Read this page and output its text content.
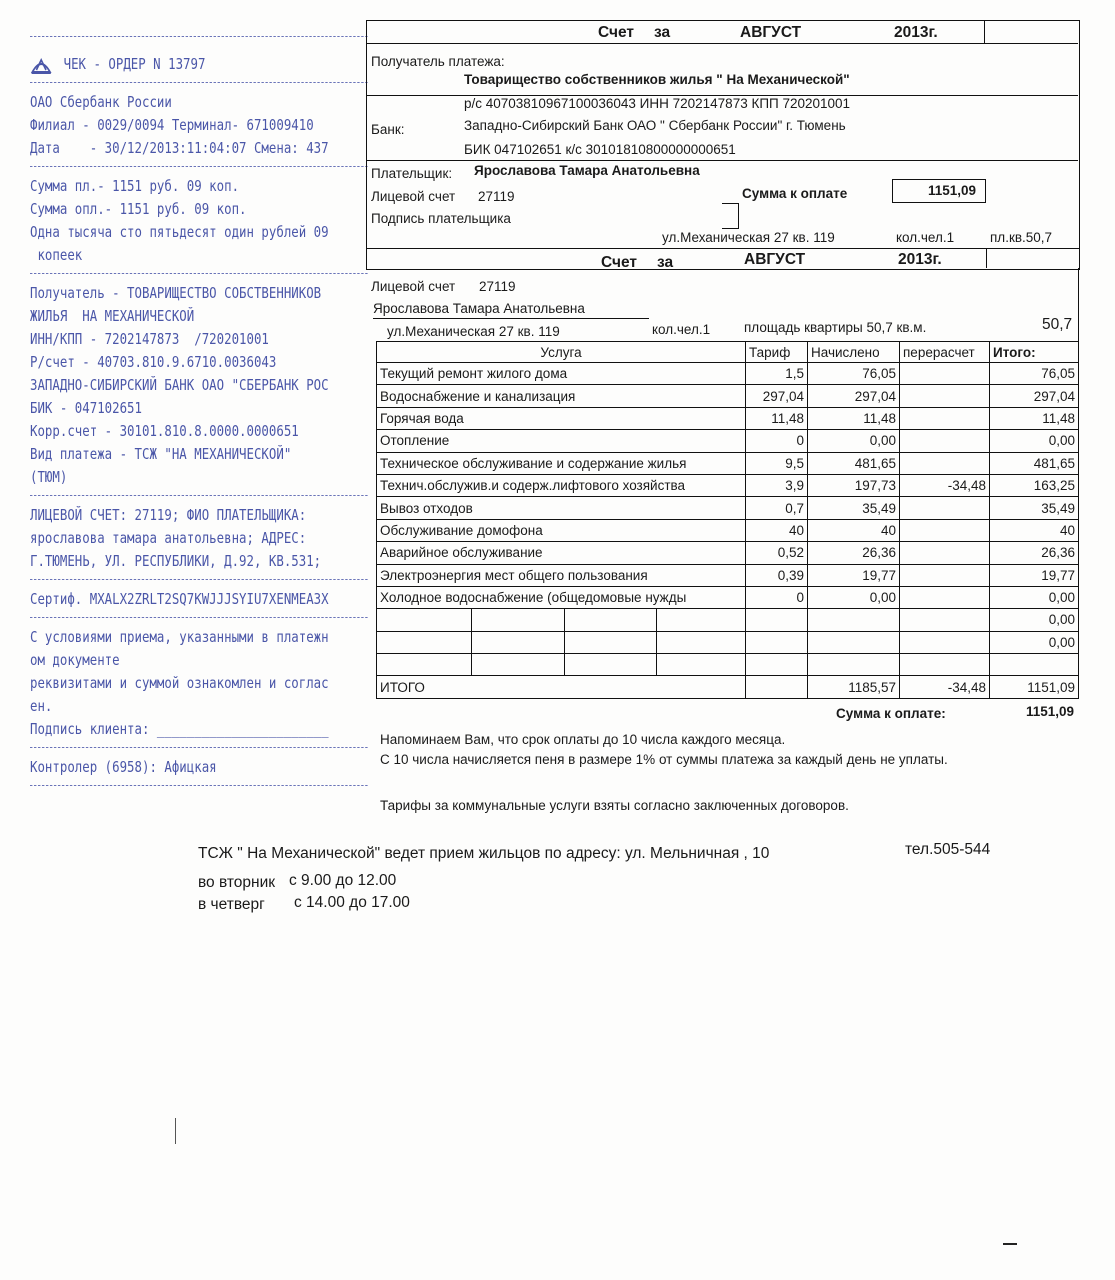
ЧЕК - ОРДЕР N 13797
ОАО Сбербанк России
Филиал - 0029/0094 Терминал- 671009410
Дата    - 30/12/2013:11:04:07 Смена: 437
Сумма пл.- 1151 руб. 09 коп.
Сумма опл.- 1151 руб. 09 коп.
Одна тысяча сто пятьдесят один рублей 09
копеек
Получатель - ТОВАРИЩЕСТВО СОБСТВЕННИКОВ
ЖИЛЬЯ  НА МЕХАНИЧЕСКОЙ
ИНН/КПП - 7202147873  /720201001
Р/счет - 40703.810.9.6710.0036043
ЗАПАДНО-СИБИРСКИЙ БАНК ОАО "СБЕРБАНК РОС
БИК - 047102651
Корр.счет - 30101.810.8.0000.0000651
Вид платежа - ТСЖ "НА МЕХАНИЧЕСКОЙ"
(ТЮМ)
ЛИЦЕВОЙ СЧЕТ: 27119; ФИО ПЛАТЕЛЬЩИКА:
ярославова тамара анатольевна; АДРЕС:
Г.ТЮМЕНЬ, УЛ. РЕСПУБЛИКИ, Д.92, КВ.531;
Сертиф. MXALX2ZRLT2SQ7KWJJJSYIU7XENMEA3X
С условиями приема, указанными в платежн
ом документе
реквизитами и суммой ознакомлен и соглас
ен.
Подпись клиента: _______________________
Контролер (6958): Афицкая
Счет за	АВГУСТ	2013г.
Получатель платежа:
Товарищество собственников жилья " На Механической"
р/с 40703810967100036043 ИНН 7202147873 КПП 720201001
Банк:	Западно-Сибирский Банк ОАО " Сбербанк России" г. Тюмень
БИК 047102651 к/с 30101810800000000651
Плательщик: Ярославова Тамара Анатольевна
Лицевой счет 27119	Сумма к оплате	1151,09
Подпись плательщика
ул.Механическая 27 кв. 119	кол.чел.1	пл.кв.50,7
Счет за	АВГУСТ	2013г.
Лицевой счет 27119
Ярославова Тамара Анатольевна
ул.Механическая 27 кв. 119	кол.чел.1	площадь квартиры 50,7 кв.м.	50,7
Услуга				Тариф	Начислено	перерасчет	Итого:
Текущий ремонт жилого дома				1,5	76,05		76,05
Водоснабжение и канализация				297,04	297,04		297,04
Горячая вода				11,48	11,48		11,48
Отопление				0	0,00		0,00
Техническое обслуживание и содержание жилья				9,5	481,65		481,65
Технич.обслужив.и содерж.лифтового хозяйства				3,9	197,73	-34,48	163,25
Вывоз отходов				0,7	35,49		35,49
Обслуживание домофона				40	40		40
Аварийное обслуживание				0,52	26,36		26,36
Электроэнергия мест общего пользования				0,39	19,77		19,77
Холодное водоснабжение (общедомовые нужды				0	0,00		0,00
							0,00
							0,00

ИТОГО					1185,57	-34,48	1151,09
Сумма к оплате:	1151,09
Напоминаем Вам, что срок оплаты до 10 числа каждого месяца.
С 10 числа начисляется пеня в размере 1% от суммы платежа за каждый день не уплаты.
Тарифы за коммунальные услуги взяты согласно заключенных договоров.
ТСЖ " На Механической" ведет прием жильцов по адресу: ул. Мельничная , 10	тел.505-544
во вторник с 9.00 до 12.00
в четверг с 14.00 до 17.00
